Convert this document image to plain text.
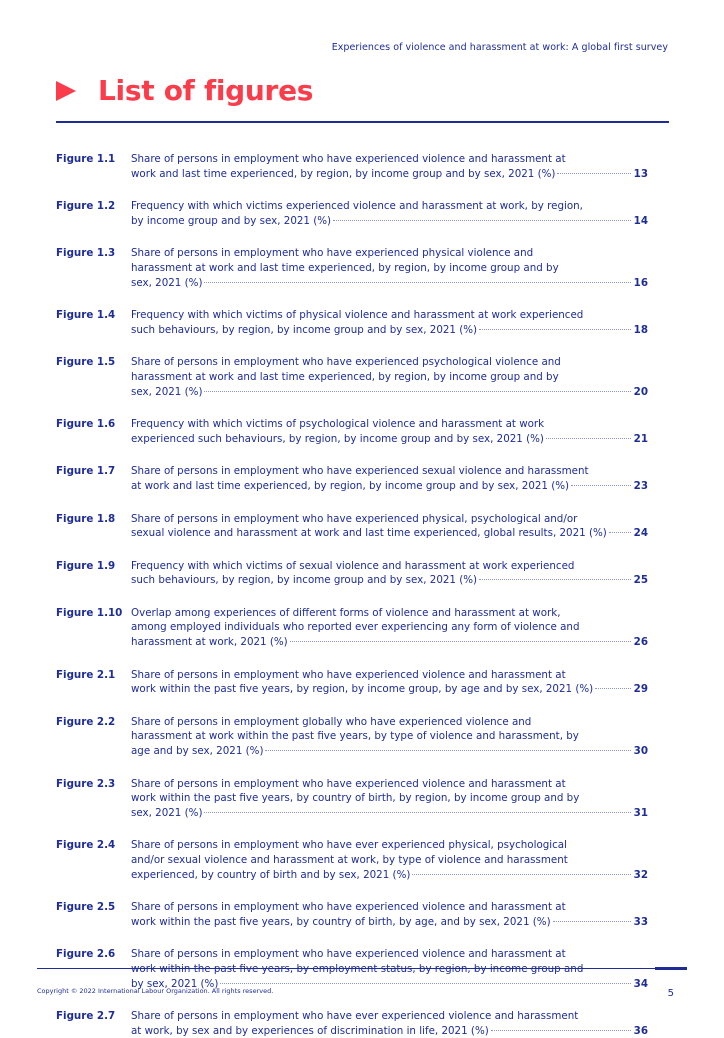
Experiences of violence and harassment at work: A global first survey
List of figures
Figure 1.1	Share of persons in employment who have experienced violence and harassment at
work and last time experienced, by region, by income group and by sex, 2021 (%)	13
Figure 1.2	Frequency with which victims experienced violence and harassment at work, by region,
by income group and by sex, 2021 (%)	14
Figure 1.3	Share of persons in employment who have experienced physical violence and
harassment at work and last time experienced, by region, by income group and by
sex, 2021 (%)	16
Figure 1.4	Frequency with which victims of physical violence and harassment at work experienced
such behaviours, by region, by income group and by sex, 2021 (%)	18
Figure 1.5	Share of persons in employment who have experienced psychological violence and
harassment at work and last time experienced, by region, by income group and by
sex, 2021 (%)	20
Figure 1.6	Frequency with which victims of psychological violence and harassment at work
experienced such behaviours, by region, by income group and by sex, 2021 (%)	21
Figure 1.7	Share of persons in employment who have experienced sexual violence and harassment
at work and last time experienced, by region, by income group and by sex, 2021 (%)	23
Figure 1.8	Share of persons in employment who have experienced physical, psychological and/or
sexual violence and harassment at work and last time experienced, global results, 2021 (%)	24
Figure 1.9	Frequency with which victims of sexual violence and harassment at work experienced
such behaviours, by region, by income group and by sex, 2021 (%)	25
Figure 1.10 Overlap among experiences of different forms of violence and harassment at work,
among employed individuals who reported ever experiencing any form of violence and
harassment at work, 2021 (%)	26
Figure 2.1	Share of persons in employment who have experienced violence and harassment at
work within the past five years, by region, by income group, by age and by sex, 2021 (%)	29
Figure 2.2	Share of persons in employment globally who have experienced violence and
harassment at work within the past five years, by type of violence and harassment, by
age and by sex, 2021 (%)	30
Figure 2.3	Share of persons in employment who have experienced violence and harassment at
work within the past five years, by country of birth, by region, by income group and by
sex, 2021 (%)	31
Figure 2.4	Share of persons in employment who have ever experienced physical, psychological
and/or sexual violence and harassment at work, by type of violence and harassment
experienced, by country of birth and by sex, 2021 (%)	32
Figure 2.5	Share of persons in employment who have experienced violence and harassment at
work within the past five years, by country of birth, by age, and by sex, 2021 (%)	33
Figure 2.6	Share of persons in employment who have experienced violence and harassment at
by sex, 2021 (%)	34
Figure 2.7	Share of persons in employment who have ever experienced violence and harassment
at work, by sex and by experiences of discrimination in life, 2021 (%)	36
Copyright © 2022 International Labour Organization. All rights reserved.	5
